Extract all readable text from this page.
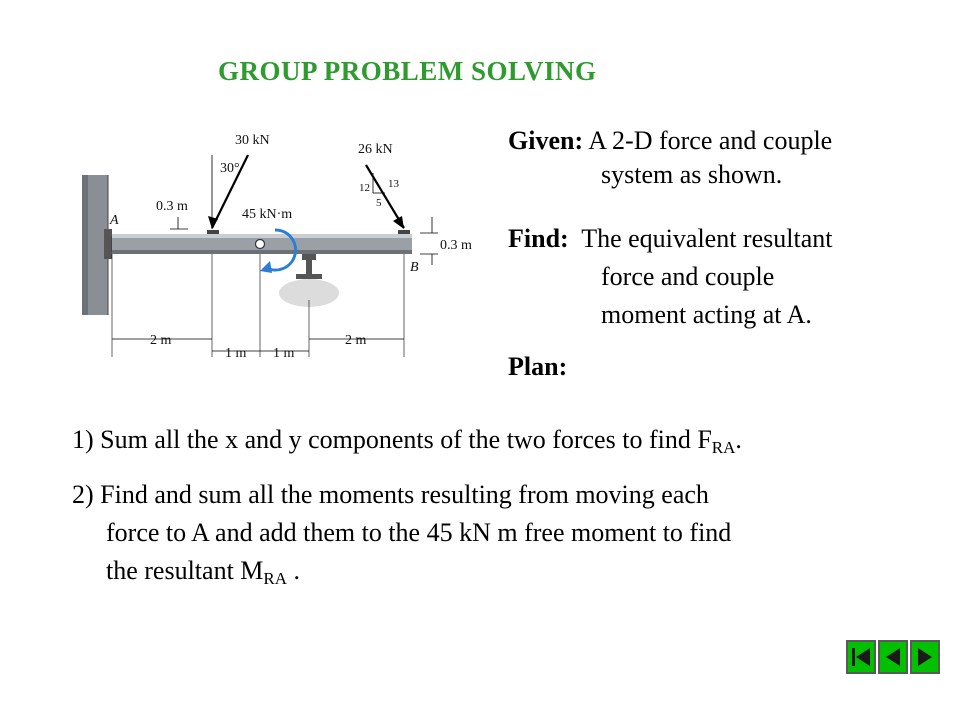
GROUP PROBLEM SOLVING
30 kN
30°
26 kN
12 13
5
0.3 m
45 kN·m
0.3 m
A
B
2 m
1 m 1 m
2 m
Given: A 2-D force and couple
system as shown.
Find: The equivalent resultant
force and couple
moment acting at A.
Plan:
1) Sum all the x and y components of the two forces to find $F_{RA}$.
2) Find and sum all the moments resulting from moving each
force to A and add them to the 45 kN m free moment to find
the resultant $M_{RA}$ .
